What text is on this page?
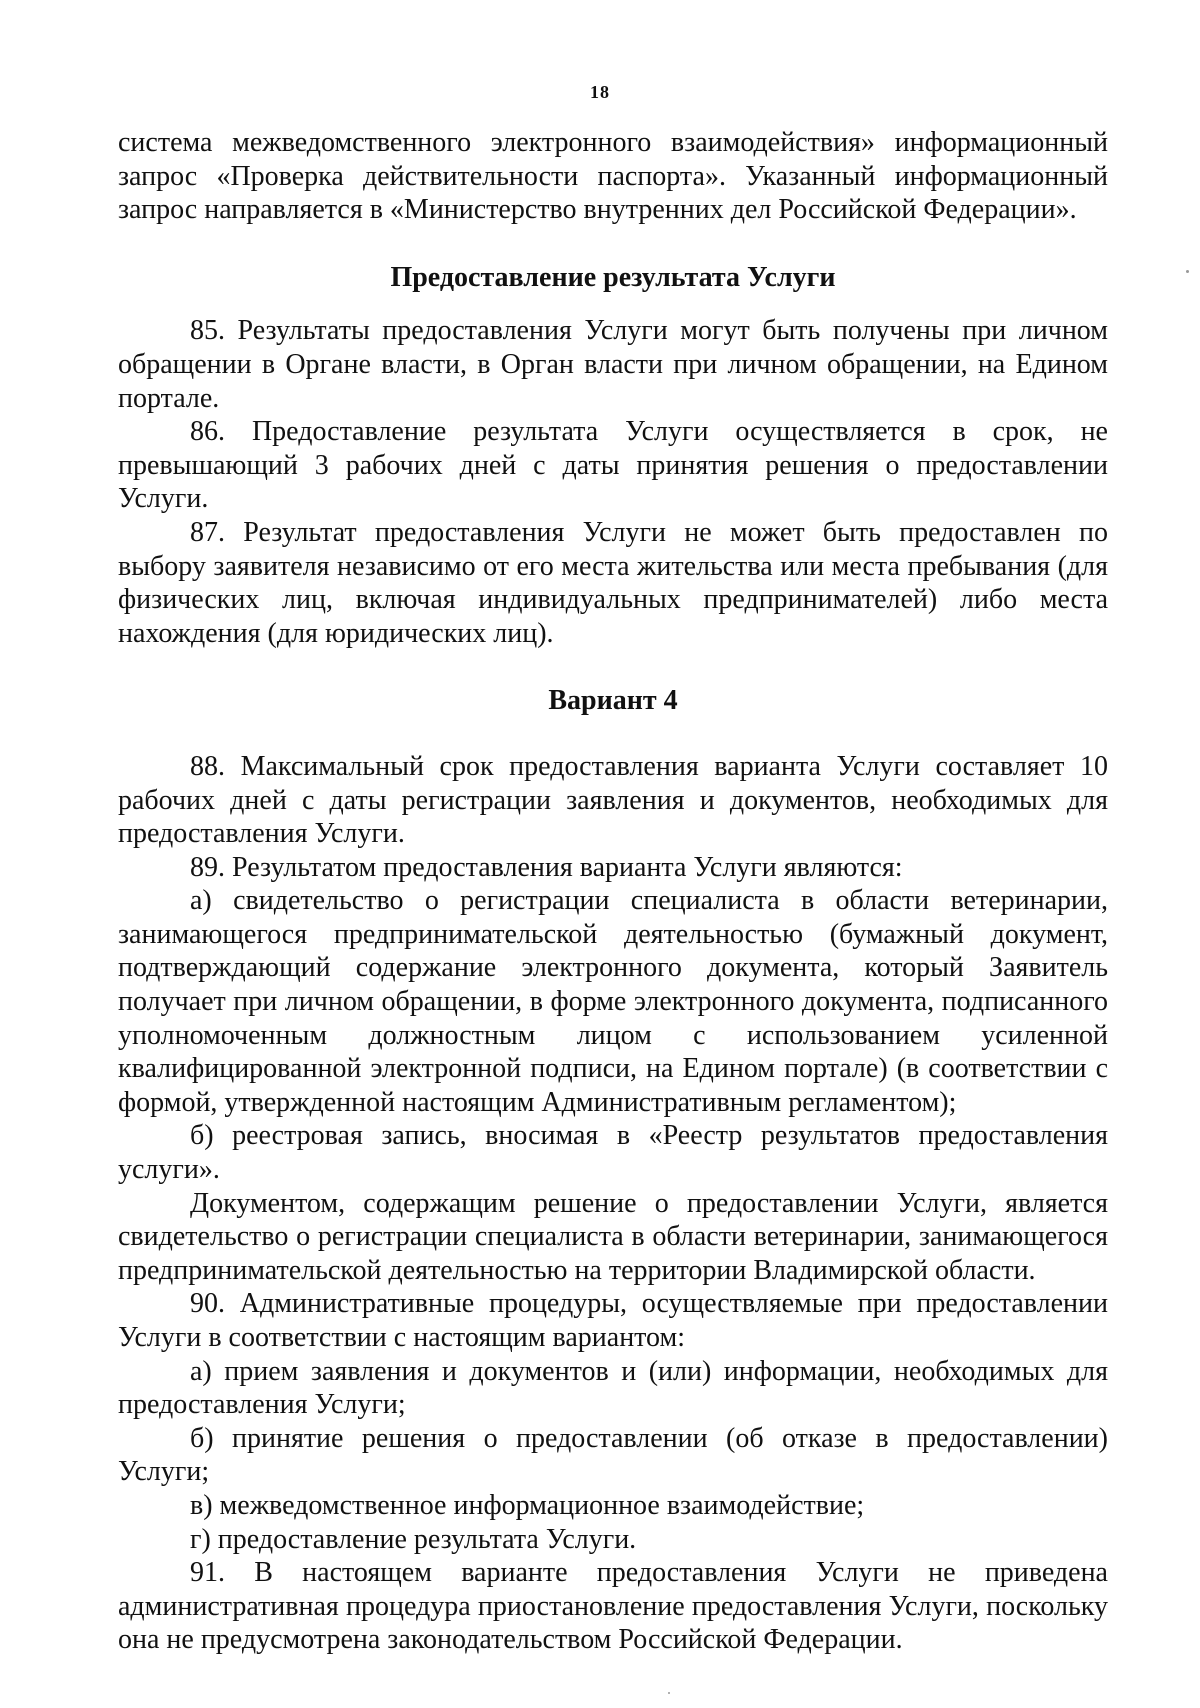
18

система межведомственного электронного взаимодействия» информационный запрос «Проверка действительности паспорта». Указанный информационный запрос направляется в «Министерство внутренних дел Российской Федерации».

Предоставление результата Услуги

85. Результаты предоставления Услуги могут быть получены при личном обращении в Органе власти, в Орган власти при личном обращении, на Едином портале.

86. Предоставление результата Услуги осуществляется в срок, не превышающий 3 рабочих дней с даты принятия решения о предоставлении Услуги.

87. Результат предоставления Услуги не может быть предоставлен по выбору заявителя независимо от его места жительства или места пребывания (для физических лиц, включая индивидуальных предпринимателей) либо места нахождения (для юридических лиц).

Вариант 4

88. Максимальный срок предоставления варианта Услуги составляет 10 рабочих дней с даты регистрации заявления и документов, необходимых для предоставления Услуги.

89. Результатом предоставления варианта Услуги являются:

а) свидетельство о регистрации специалиста в области ветеринарии, занимающегося предпринимательской деятельностью (бумажный документ, подтверждающий содержание электронного документа, который Заявитель получает при личном обращении, в форме электронного документа, подписанного уполномоченным должностным лицом с использованием усиленной квалифицированной электронной подписи, на Едином портале) (в соответствии с формой, утвержденной настоящим Административным регламентом);

б) реестровая запись, вносимая в «Реестр результатов предоставления услуги».

Документом, содержащим решение о предоставлении Услуги, является свидетельство о регистрации специалиста в области ветеринарии, занимающегося предпринимательской деятельностью на территории Владимирской области.

90. Административные процедуры, осуществляемые при предоставлении Услуги в соответствии с настоящим вариантом:

а) прием заявления и документов и (или) информации, необходимых для предоставления Услуги;

б) принятие решения о предоставлении (об отказе в предоставлении) Услуги;

в) межведомственное информационное взаимодействие;

г) предоставление результата Услуги.

91. В настоящем варианте предоставления Услуги не приведена административная процедура приостановление предоставления Услуги, поскольку она не предусмотрена законодательством Российской Федерации.
